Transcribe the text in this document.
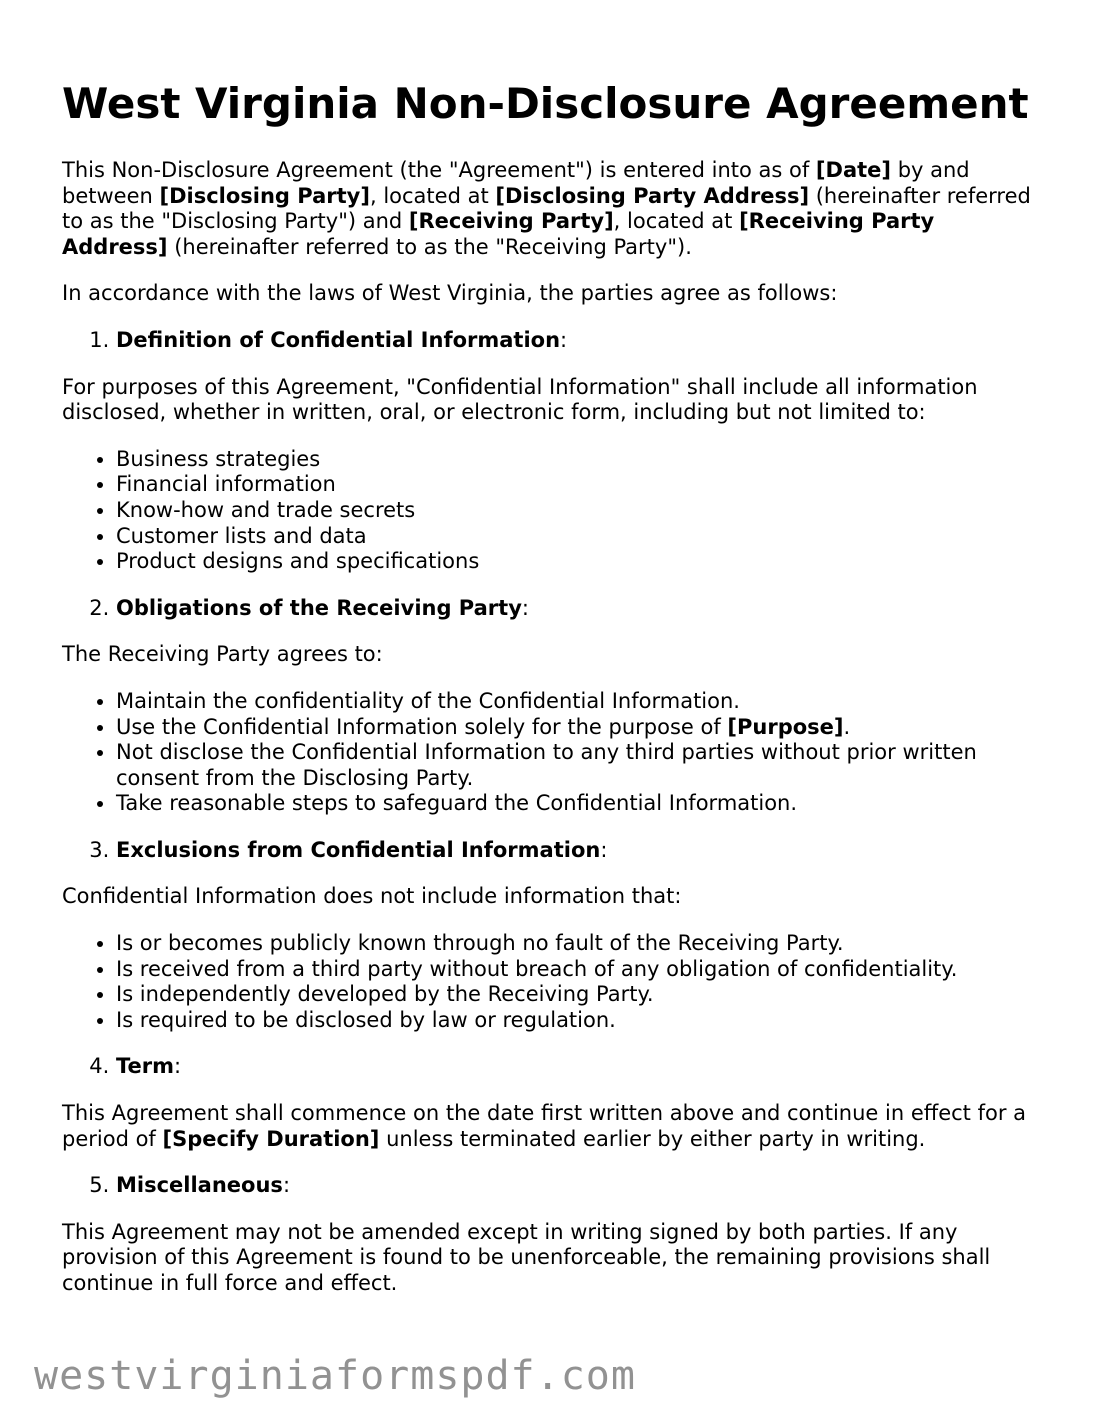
West Virginia Non-Disclosure Agreement

This Non-Disclosure Agreement (the "Agreement") is entered into as of [Date] by and between [Disclosing Party], located at [Disclosing Party Address] (hereinafter referred to as the "Disclosing Party") and [Receiving Party], located at [Receiving Party Address] (hereinafter referred to as the "Receiving Party").

In accordance with the laws of West Virginia, the parties agree as follows:

1. Definition of Confidential Information:

For purposes of this Agreement, "Confidential Information" shall include all information disclosed, whether in written, oral, or electronic form, including but not limited to:

• Business strategies
• Financial information
• Know-how and trade secrets
• Customer lists and data
• Product designs and specifications
2. Obligations of the Receiving Party:

The Receiving Party agrees to:

• Maintain the confidentiality of the Confidential Information.
• Use the Confidential Information solely for the purpose of [Purpose].
• Not disclose the Confidential Information to any third parties without prior written consent from the Disclosing Party.
• Take reasonable steps to safeguard the Confidential Information.
3. Exclusions from Confidential Information:

Confidential Information does not include information that:

• Is or becomes publicly known through no fault of the Receiving Party.
• Is received from a third party without breach of any obligation of confidentiality.
• Is independently developed by the Receiving Party.
• Is required to be disclosed by law or regulation.
4. Term:

This Agreement shall commence on the date first written above and continue in effect for a period of [Specify Duration] unless terminated earlier by either party in writing.

5. Miscellaneous:

This Agreement may not be amended except in writing signed by both parties. If any provision of this Agreement is found to be unenforceable, the remaining provisions shall continue in full force and effect.

westvirginiaformspdf.com
